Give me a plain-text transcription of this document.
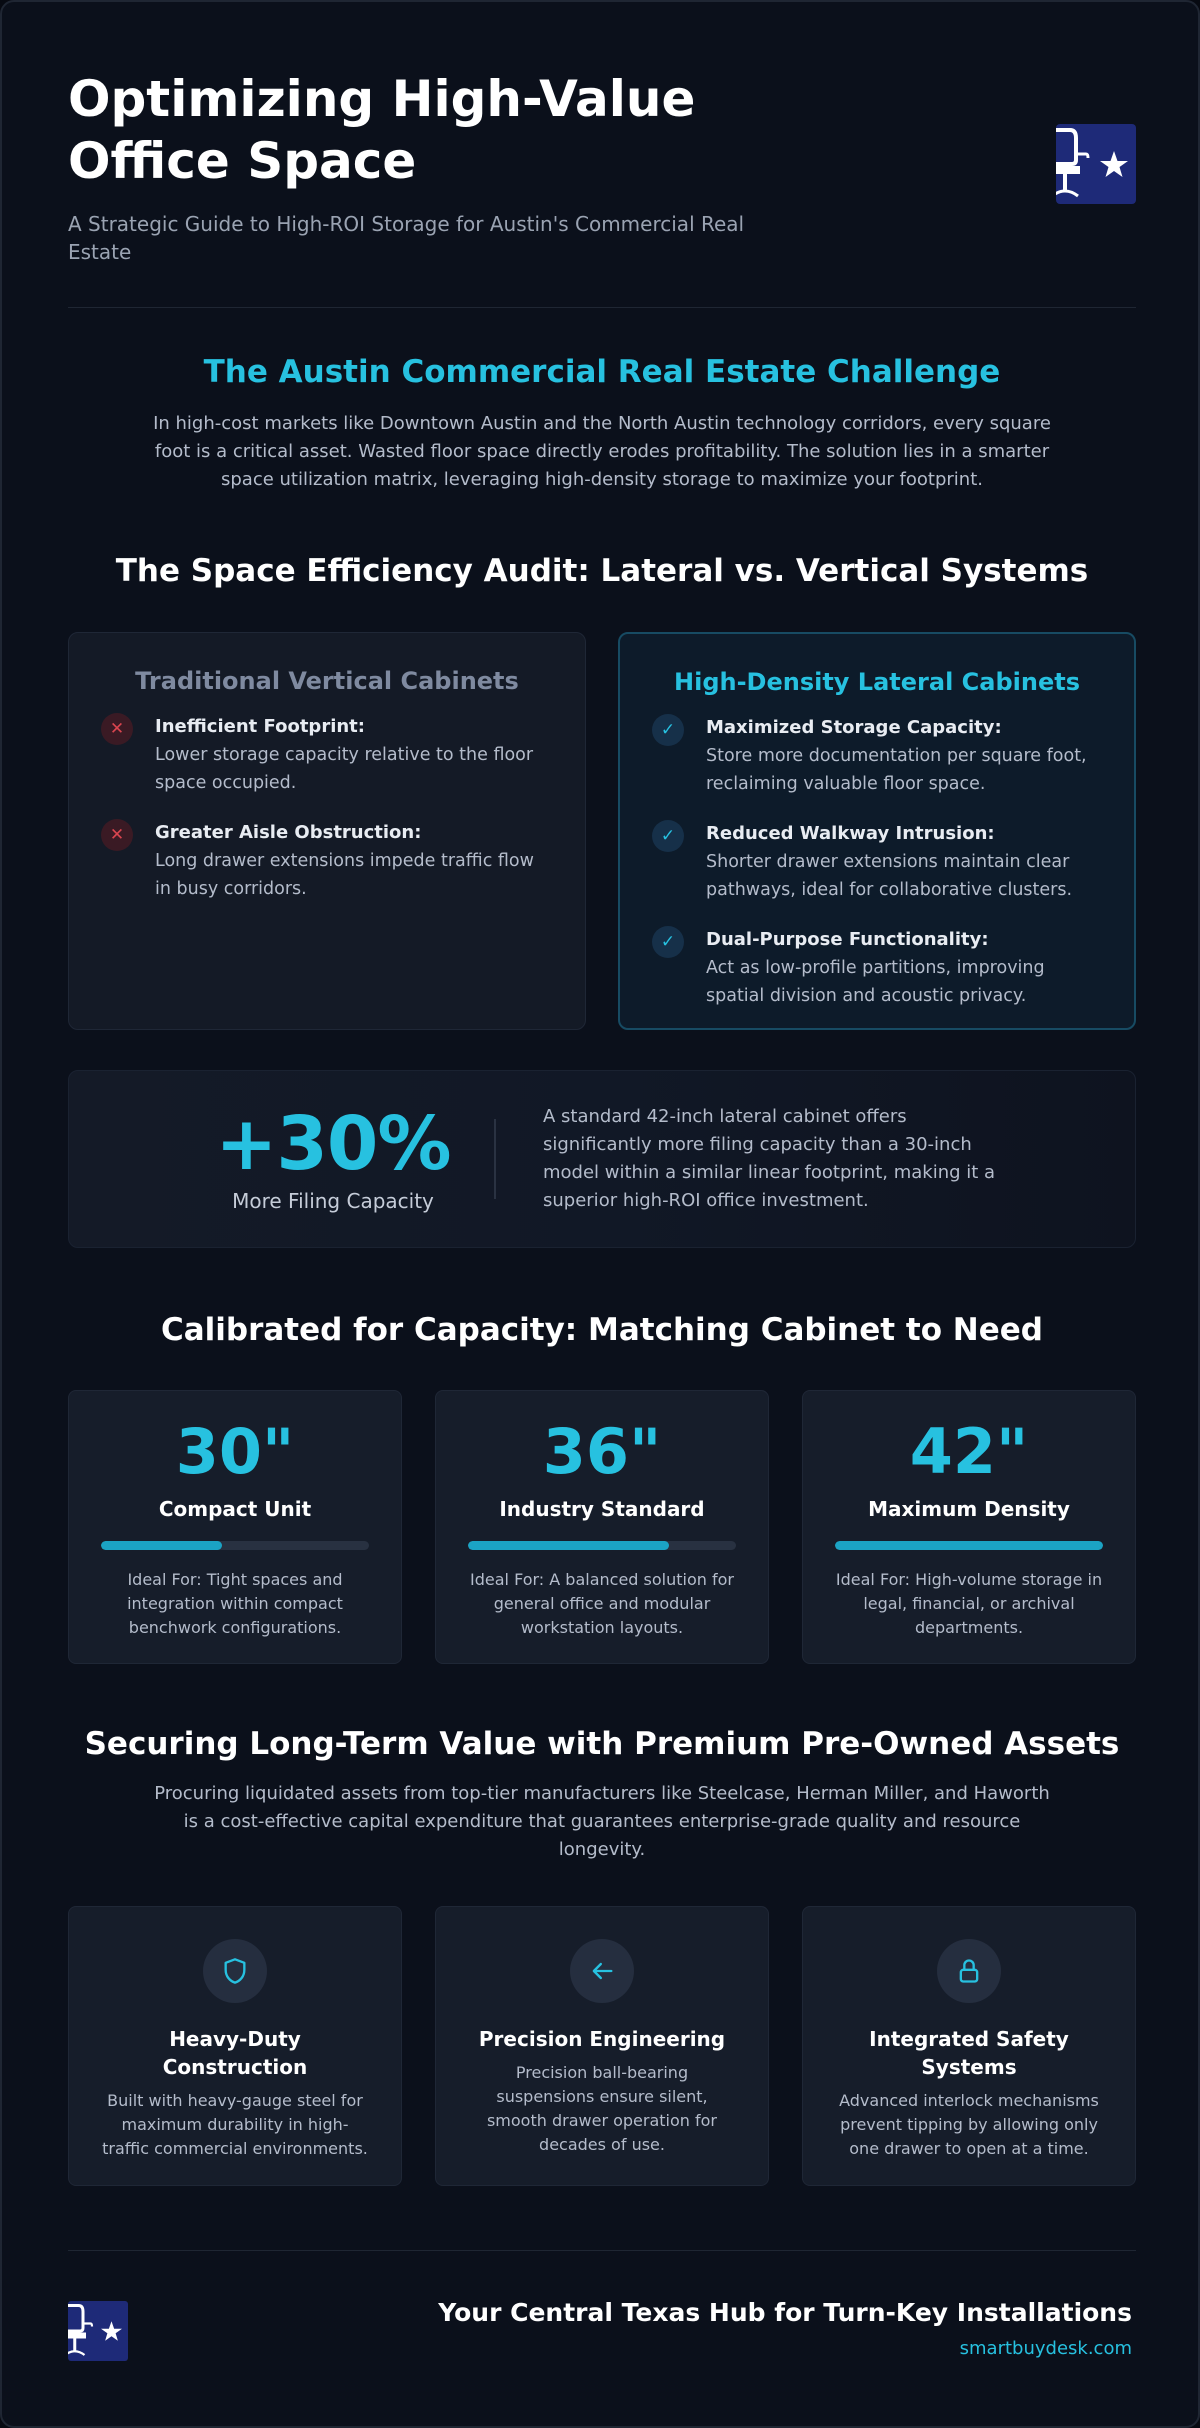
Optimizing High-Value Office Space

A Strategic Guide to High-ROI Storage for Austin's Commercial Real Estate

The Austin Commercial Real Estate Challenge

In high-cost markets like Downtown Austin and the North Austin technology corridors, every square foot is a critical asset. Wasted floor space directly erodes profitability. The solution lies in a smarter space utilization matrix, leveraging high-density storage to maximize your footprint.

The Space Efficiency Audit: Lateral vs. Vertical Systems
Traditional Vertical Cabinets
✕	Inefficient Footprint:
Lower storage capacity relative to the floor space occupied.
✕	Greater Aisle Obstruction:
Long drawer extensions impede traffic flow in busy corridors.
High-Density Lateral Cabinets
✓	Maximized Storage Capacity:
Store more documentation per square foot, reclaiming valuable floor space.
✓	Reduced Walkway Intrusion:
Shorter drawer extensions maintain clear pathways, ideal for collaborative clusters.
✓	Dual-Purpose Functionality:
Act as low-profile partitions, improving spatial division and acoustic privacy.
+30%
More Filing Capacity
A standard 42-inch lateral cabinet offers significantly more filing capacity than a 30-inch model within a similar linear footprint, making it a superior high-ROI office investment.
Calibrated for Capacity: Matching Cabinet to Need
30"
Compact Unit
Ideal For: Tight spaces and integration within compact benchwork configurations.
36"
Industry Standard
Ideal For: A balanced solution for general office and modular workstation layouts.
42"
Maximum Density
Ideal For: High-volume storage in legal, financial, or archival departments.
Securing Long-Term Value with Premium Pre-Owned Assets

Procuring liquidated assets from top-tier manufacturers like Steelcase, Herman Miller, and Haworth is a cost-effective capital expenditure that guarantees enterprise-grade quality and resource longevity.

Heavy-Duty Construction
Built with heavy-gauge steel for maximum durability in high-traffic commercial environments.
Precision Engineering
Precision ball-bearing suspensions ensure silent, smooth drawer operation for decades of use.
Integrated Safety Systems
Advanced interlock mechanisms prevent tipping by allowing only one drawer to open at a time.
Your Central Texas Hub for Turn-Key Installations
smartbuydesk.com
